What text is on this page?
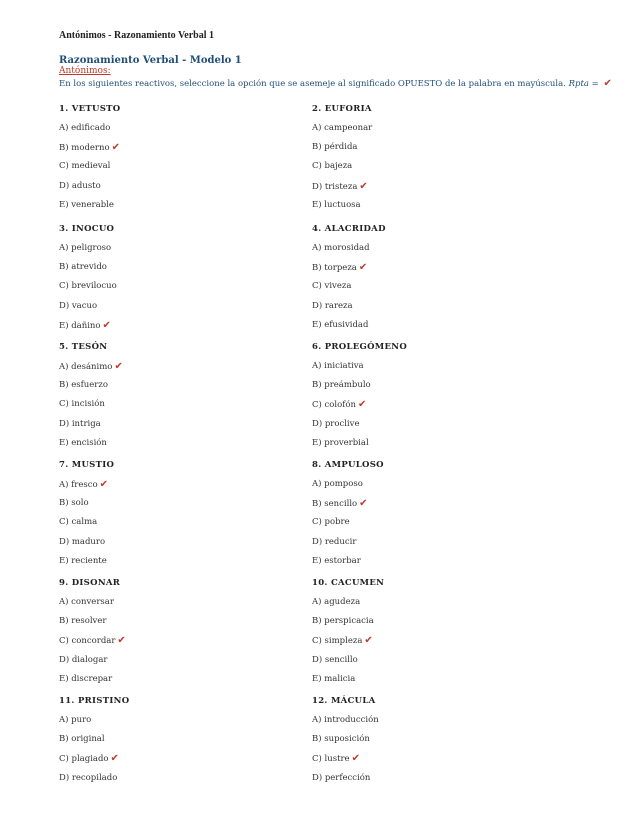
Antónimos - Razonamiento Verbal 1
Razonamiento Verbal - Modelo 1
Antónimos:
En los siguientes reactivos, seleccione la opción que se asemeje al significado OPUESTO de la palabra en mayúscula. Rpta = ✔
1. VETUSTO
A) edificado
B) moderno ✔
C) medieval
D) adusto
E) venerable
2. EUFORIA
A) campeonar
B) pérdida
C) bajeza
D) tristeza ✔
E) luctuosa
3. INOCUO
A) peligroso
B) atrevido
C) brevilocuo
D) vacuo
E) dañino ✔
4. ALACRIDAD
A) morosidad
B) torpeza ✔
C) viveza
D) rareza
E) efusividad
5. TESÓN
A) desánimo ✔
B) esfuerzo
C) incisión
D) intriga
E) encisión
6. PROLEGÓMENO
A) iniciativa
B) preámbulo
C) colofón ✔
D) proclive
E) proverbial
7. MUSTIO
A) fresco ✔
B) solo
C) calma
D) maduro
E) reciente
8. AMPULOSO
A) pomposo
B) sencillo ✔
C) pobre
D) reducir
E) estorbar
9. DISONAR
A) conversar
B) resolver
C) concordar ✔
D) dialogar
E) discrepar
10. CACUMEN
A) agudeza
B) perspicacia
C) simpleza ✔
D) sencillo
E) malicia
11. PRISTINO
A) puro
B) original
C) plagiado ✔
D) recopilado
12. MÁCULA
A) introducción
B) suposición
C) lustre ✔
D) perfección
